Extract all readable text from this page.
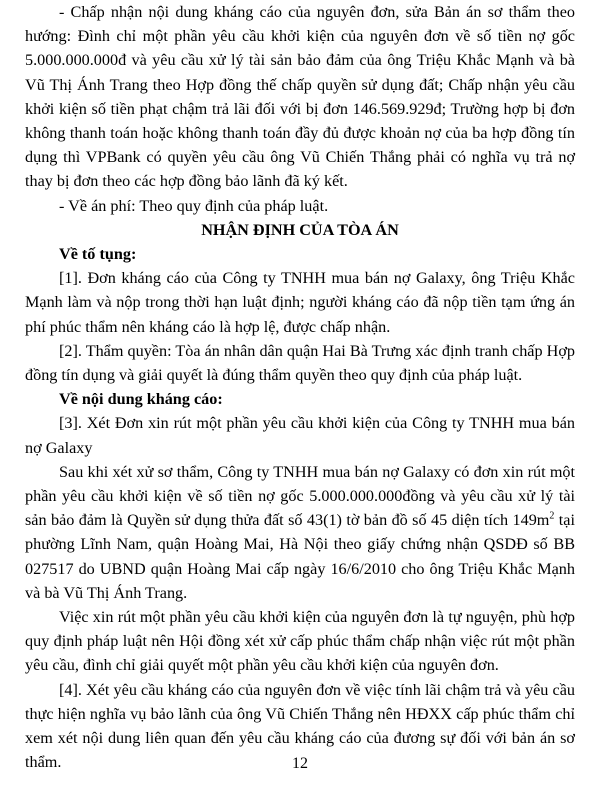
- Chấp nhận nội dung kháng cáo của nguyên đơn, sửa Bản án sơ thẩm theo hướng: Đình chỉ một phần yêu cầu khởi kiện của nguyên đơn về số tiền nợ gốc 5.000.000.000đ và yêu cầu xử lý tài sản bảo đảm của ông Triệu Khắc Mạnh và bà Vũ Thị Ánh Trang theo Hợp đồng thế chấp quyền sử dụng đất; Chấp nhận yêu cầu khởi kiện số tiền phạt chậm trả lãi đối với bị đơn 146.569.929đ; Trường hợp bị đơn không thanh toán hoặc không thanh toán đầy đủ được khoản nợ của ba hợp đồng tín dụng thì VPBank có quyền yêu cầu ông Vũ Chiến Thắng phải có nghĩa vụ trả nợ thay bị đơn theo các hợp đồng bảo lãnh đã ký kết.

- Về án phí: Theo quy định của pháp luật.

NHẬN ĐỊNH CỦA TÒA ÁN

Về tố tụng:

[1]. Đơn kháng cáo của Công ty TNHH mua bán nợ Galaxy, ông Triệu Khắc Mạnh làm và nộp trong thời hạn luật định; người kháng cáo đã nộp tiền tạm ứng án phí phúc thẩm nên kháng cáo là hợp lệ, được chấp nhận.

[2]. Thẩm quyền: Tòa án nhân dân quận Hai Bà Trưng xác định tranh chấp Hợp đồng tín dụng và giải quyết là đúng thẩm quyền theo quy định của pháp luật.

Về nội dung kháng cáo:

[3]. Xét Đơn xin rút một phần yêu cầu khởi kiện của Công ty TNHH mua bán nợ Galaxy

Sau khi xét xử sơ thẩm, Công ty TNHH mua bán nợ Galaxy có đơn xin rút một phần yêu cầu khởi kiện về số tiền nợ gốc 5.000.000.000đồng và yêu cầu xử lý tài sản bảo đảm là Quyền sử dụng thửa đất số 43(1) tờ bản đồ số 45 diện tích $149m^2$ tại phường Lĩnh Nam, quận Hoàng Mai, Hà Nội theo giấy chứng nhận QSDĐ số BB 027517 do UBND quận Hoàng Mai cấp ngày 16/6/2010 cho ông Triệu Khắc Mạnh và bà Vũ Thị Ánh Trang.

Việc xin rút một phần yêu cầu khởi kiện của nguyên đơn là tự nguyện, phù hợp quy định pháp luật nên Hội đồng xét xử cấp phúc thẩm chấp nhận việc rút một phần yêu cầu, đình chỉ giải quyết một phần yêu cầu khởi kiện của nguyên đơn.

[4]. Xét yêu cầu kháng cáo của nguyên đơn về việc tính lãi chậm trả và yêu cầu thực hiện nghĩa vụ bảo lãnh của ông Vũ Chiến Thắng nên HĐXX cấp phúc thẩm chỉ xem xét nội dung liên quan đến yêu cầu kháng cáo của đương sự đối với bản án sơ thẩm.	12
